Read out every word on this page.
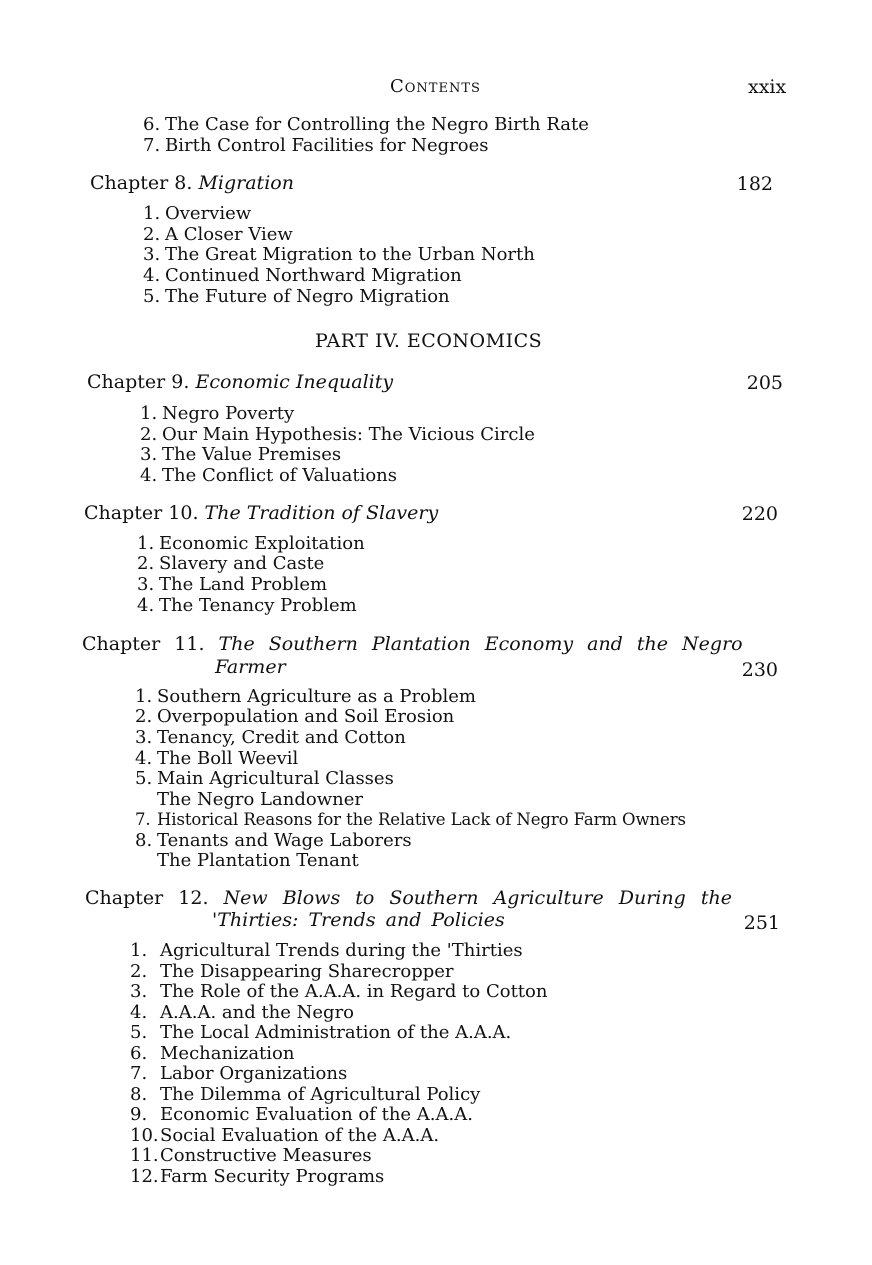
Contents	xxix
6. The Case for Controlling the Negro Birth Rate
7. Birth Control Facilities for Negroes
Chapter 8. Migration	182
1. Overview
2. A Closer View
3. The Great Migration to the Urban North
4. Continued Northward Migration
5. The Future of Negro Migration
PART IV. ECONOMICS
Chapter 9. Economic Inequality	205
1. Negro Poverty
2. Our Main Hypothesis: The Vicious Circle
3. The Value Premises
4. The Conflict of Valuations
Chapter 10. The Tradition of Slavery	220
1. Economic Exploitation
2. Slavery and Caste
3. The Land Problem
4. The Tenancy Problem
Chapter 11. The Southern Plantation Economy and the Negro
Farmer	230
1. Southern Agriculture as a Problem
2. Overpopulation and Soil Erosion
3. Tenancy, Credit and Cotton
4. The Boll Weevil
5. Main Agricultural Classes
The Negro Landowner
7. Historical Reasons for the Relative Lack of Negro Farm Owners
8. Tenants and Wage Laborers
The Plantation Tenant
Chapter 12. New Blows to Southern Agriculture During the
'Thirties: Trends and Policies	251
1. Agricultural Trends during the 'Thirties
2. The Disappearing Sharecropper
3. The Role of the A.A.A. in Regard to Cotton
4. A.A.A. and the Negro
5. The Local Administration of the A.A.A.
6. Mechanization
7. Labor Organizations
8. The Dilemma of Agricultural Policy
9. Economic Evaluation of the A.A.A.
10.Social Evaluation of the A.A.A.
11.Constructive Measures
12.Farm Security Programs
